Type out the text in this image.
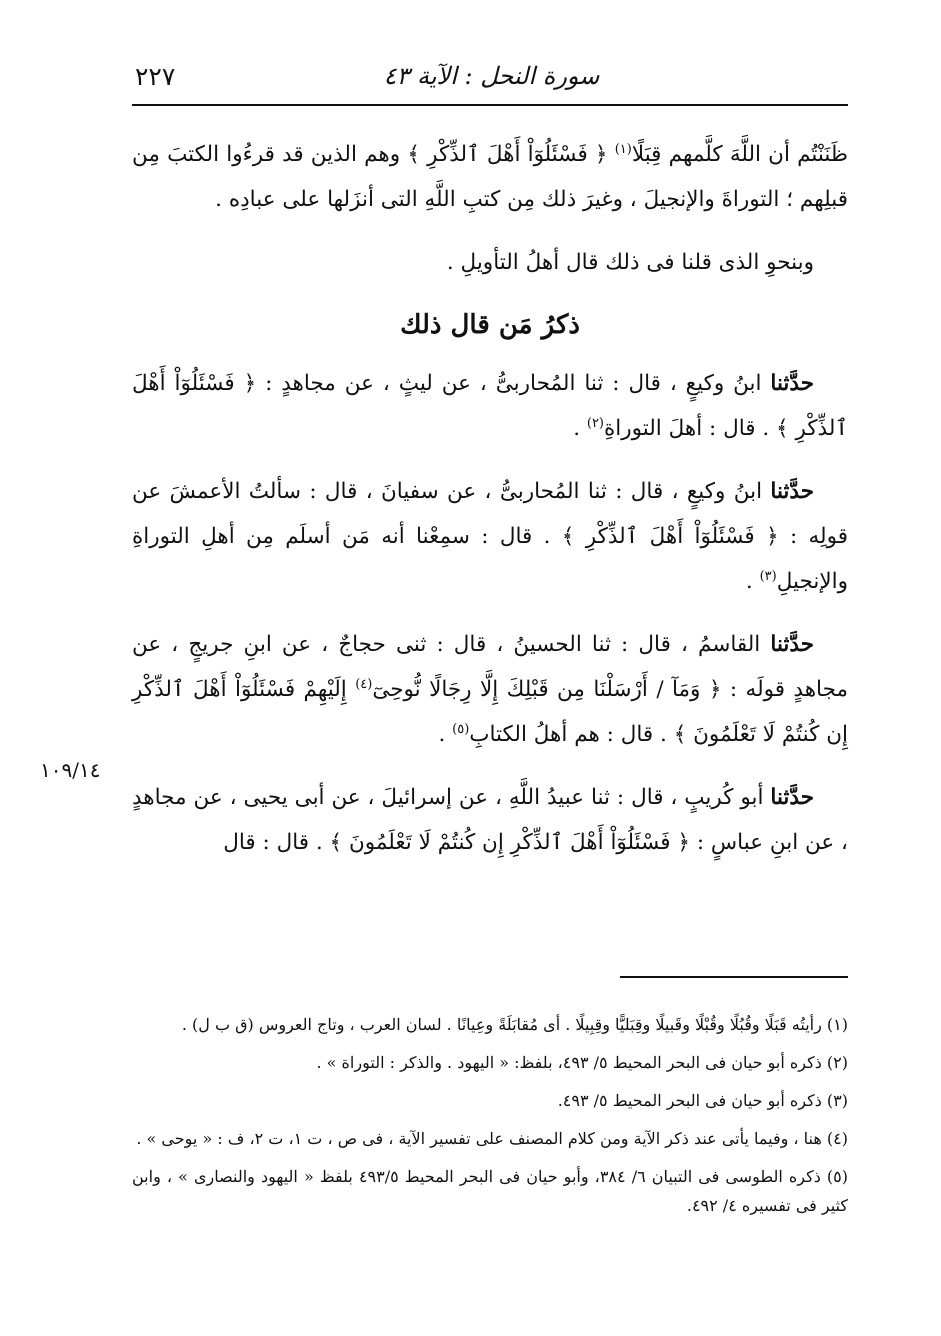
٢٢٧	سورة النحل : الآية ٤٣

ظَنَنْتُم أن اللَّهَ كلَّمهم قِبَلًا$^{(١)}$ ﴿ فَسْئَلُوٓاْ أَهْلَ ٱلذِّكْرِ ﴾ وهم الذين قد قرءُوا الكتبَ مِن قبلِهم ؛ التوراةَ والإنجيلَ ، وغيرَ ذلك مِن كتبِ اللَّهِ التى أنزَلها على عبادِه .

وبنحوِ الذى قلنا فى ذلك قال أهلُ التأويلِ .

ذكرُ مَن قال ذلك

حدَّثنا ابنُ وكيعٍ ، قال : ثنا المُحاربىُّ ، عن ليثٍ ، عن مجاهدٍ : ﴿ فَسْئَلُوٓاْ أَهْلَ ٱلذِّكْرِ ﴾ . قال : أهلَ التوراةِ$^{(٢)}$ .

حدَّثنا ابنُ وكيعٍ ، قال : ثنا المُحاربىُّ ، عن سفيانَ ، قال : سألتُ الأعمشَ عن قولِه : ﴿ فَسْئَلُوٓاْ أَهْلَ ٱلذِّكْرِ ﴾ . قال : سمِعْنا أنه مَن أسلَم مِن أهلِ التوراةِ والإنجيلِ$^{(٣)}$ .

حدَّثنا القاسمُ ، قال : ثنا الحسينُ ، قال : ثنى حجاجٌ ، عن ابنِ جريجٍ ، عن مجاهدٍ قولَه : ﴿ وَمَآ / أَرْسَلْنَا مِن قَبْلِكَ إِلَّا رِجَالًا نُّوحِىٓ$^{(٤)}$ إِلَيْهِمْ فَسْئَلُوٓاْ أَهْلَ ٱلذِّكْرِ إِن كُنتُمْ لَا تَعْلَمُونَ ﴾ . قال : هم أهلُ الكتابِ$^{(٥)}$ .

حدَّثنا أبو كُريبٍ ، قال : ثنا عبيدُ اللَّهِ ، عن إسرائيلَ ، عن أبى يحيى ، عن مجاهدٍ ، عن ابنِ عباسٍ : ﴿ فَسْئَلُوٓاْ أَهْلَ ٱلذِّكْرِ إِن كُنتُمْ لَا تَعْلَمُونَ ﴾ . قال : قال

١٠٩/١٤

(١) رأيتُه قَبَلًا وقُبُلًا وقُبْلًا وقَبيلًا وقِبَليًّا وقِبِيلًا . أى مُقابَلَةً وعِيانًا . لسان العرب ، وتاج العروس (ق ب ل) .

(٢) ذكره أبو حيان فى البحر المحيط ٥/ ٤٩٣، بلفظ: « اليهود . والذكر : التوراة » .

(٣) ذكره أبو حيان فى البحر المحيط ٥/ ٤٩٣.

(٤) هنا ، وفيما يأتى عند ذكر الآية ومن كلام المصنف على تفسير الآية ، فى ص ، ت ١، ت ٢، ف : « يوحى » .

(٥) ذكره الطوسى فى التبيان ٦/ ٣٨٤، وأبو حيان فى البحر المحيط ٤٩٣/٥ بلفظ « اليهود والنصارى » ، وابن كثير فى تفسيره ٤/ ٤٩٢.
